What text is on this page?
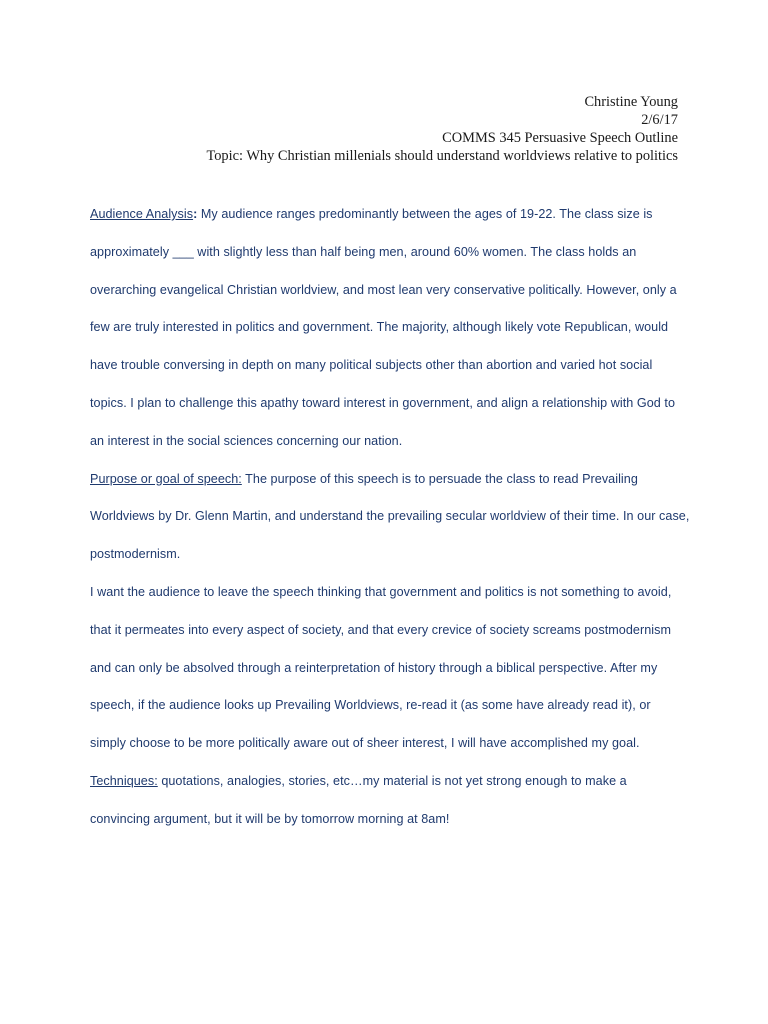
Christine Young
2/6/17
COMMS 345 Persuasive Speech Outline
Topic: Why Christian millenials should understand worldviews relative to politics

Audience Analysis: My audience ranges predominantly between the ages of 19-22. The class size is approximately ___ with slightly less than half being men, around 60% women. The class holds an overarching evangelical Christian worldview, and most lean very conservative politically. However, only a few are truly interested in politics and government. The majority, although likely vote Republican, would have trouble conversing in depth on many political subjects other than abortion and varied hot social topics. I plan to challenge this apathy toward interest in government, and align a relationship with God to an interest in the social sciences concerning our nation.

Purpose or goal of speech: The purpose of this speech is to persuade the class to read Prevailing Worldviews by Dr. Glenn Martin, and understand the prevailing secular worldview of their time. In our case, postmodernism.

I want the audience to leave the speech thinking that government and politics is not something to avoid, that it permeates into every aspect of society, and that every crevice of society screams postmodernism and can only be absolved through a reinterpretation of history through a biblical perspective. After my speech, if the audience looks up Prevailing Worldviews, re-read it (as some have already read it), or simply choose to be more politically aware out of sheer interest, I will have accomplished my goal.

Techniques: quotations, analogies, stories, etc…my material is not yet strong enough to make a convincing argument, but it will be by tomorrow morning at 8am!
